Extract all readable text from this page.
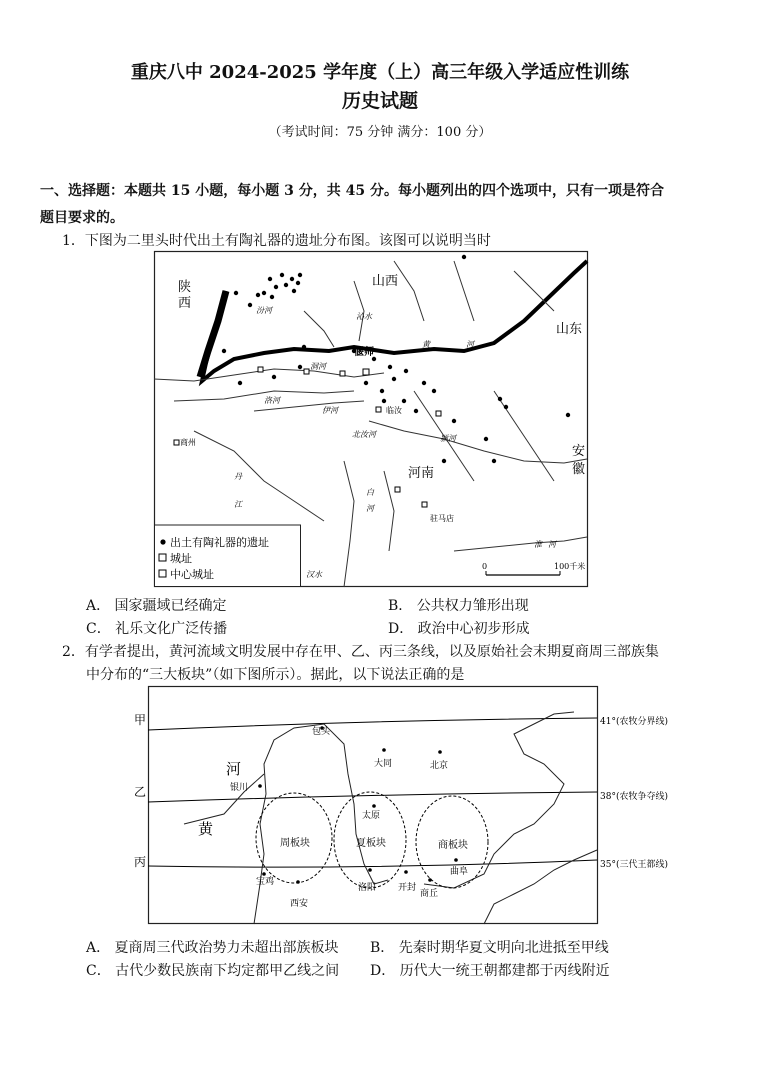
重庆八中 2024-2025 学年度（上）高三年级入学适应性训练
历史试题
（考试时间：75 分钟 满分：100 分）
一、选择题：本题共 15 小题，每小题 3 分，共 45 分。每小题列出的四个选项中，只有一项是符合
题目要求的。
1．下图为二里头时代出土有陶礼器的遗址分布图。该图可以说明当时
陕
西
山西
山东
安
徽
河南
汾河
沁水
黄	河
洞河
洛河
伊河
北汝河	颍河
丹
江
白
河
淮 河
汉水
偃师
临汝
商州
驻马店
出土有陶礼器的遗址
城址
中心城址
0	100千米
A． 国家疆域已经确定	B． 公共权力雏形出现
C． 礼乐文化广泛传播	D． 政治中心初步形成
2．有学者提出，黄河流域文明发展中存在甲、乙、丙三条线，以及原始社会末期夏商周三部族集
中分布的“三大板块”（如下图所示）。据此，以下说法正确的是
甲
乙
丙
41°(农牧分界线)
38°(农牧争夺线)
35°(三代王都线)
包头
大同	北京
银川
太原
宝鸡
西安
洛阳 开封
商丘
曲阜
河
黄
周板块	夏板块	商板块
A． 夏商周三代政治势力未超出部族板块 B． 先秦时期华夏文明向北进抵至甲线
C． 古代少数民族南下均定都甲乙线之间 D． 历代大一统王朝都建都于丙线附近
